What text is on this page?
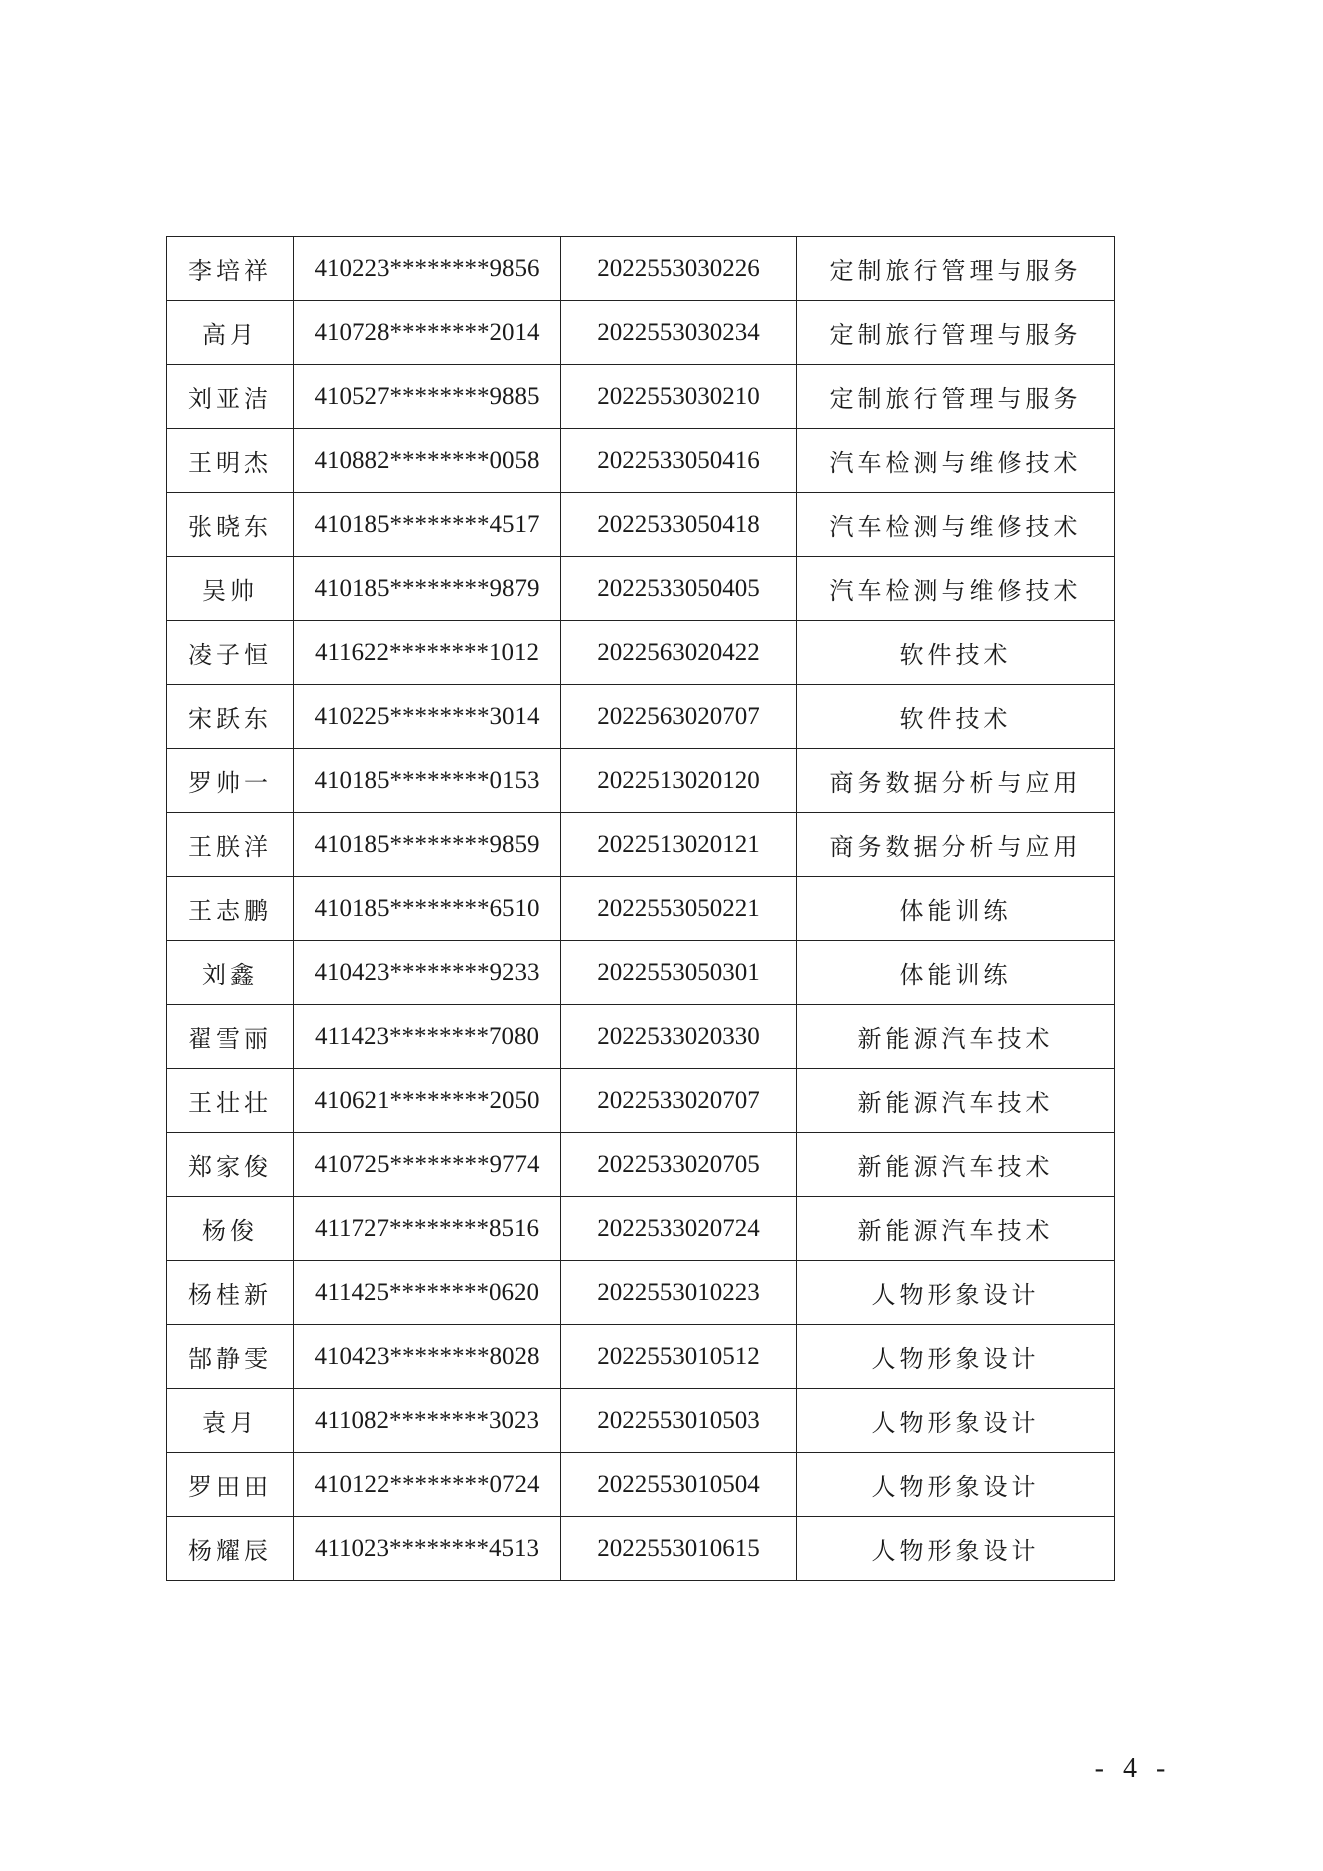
李培祥	410223********9856	2022553030226	定制旅行管理与服务
高月	410728********2014	2022553030234	定制旅行管理与服务
刘亚洁	410527********9885	2022553030210	定制旅行管理与服务
王明杰	410882********0058	2022533050416	汽车检测与维修技术
张晓东	410185********4517	2022533050418	汽车检测与维修技术
吴帅	410185********9879	2022533050405	汽车检测与维修技术
凌子恒	411622********1012	2022563020422	软件技术
宋跃东	410225********3014	2022563020707	软件技术
罗帅一	410185********0153	2022513020120	商务数据分析与应用
王朕洋	410185********9859	2022513020121	商务数据分析与应用
王志鹏	410185********6510	2022553050221	体能训练
刘鑫	410423********9233	2022553050301	体能训练
翟雪丽	411423********7080	2022533020330	新能源汽车技术
王壮壮	410621********2050	2022533020707	新能源汽车技术
郑家俊	410725********9774	2022533020705	新能源汽车技术
杨俊	411727********8516	2022533020724	新能源汽车技术
杨桂新	411425********0620	2022553010223	人物形象设计
郜静雯	410423********8028	2022553010512	人物形象设计
袁月	411082********3023	2022553010503	人物形象设计
罗田田	410122********0724	2022553010504	人物形象设计
杨耀辰	411023********4513	2022553010615	人物形象设计
- 4 -
